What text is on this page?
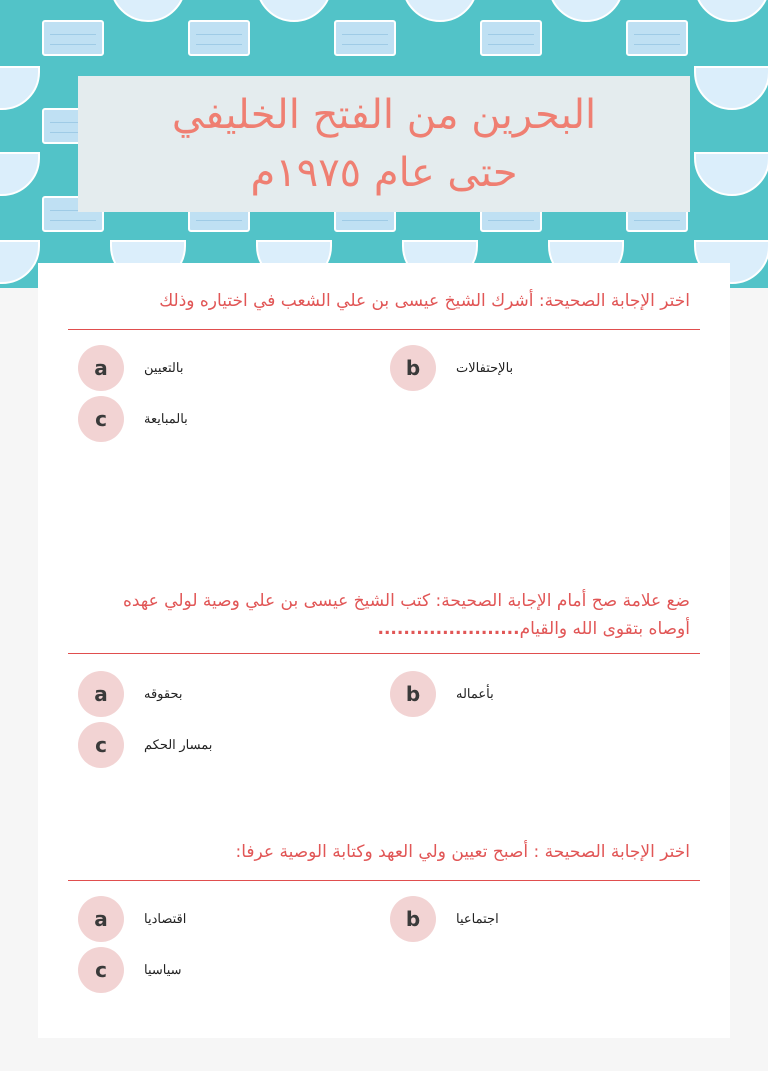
البحرين من الفتح الخليفي
حتى عام ١٩٧٥م
اختر الإجابة الصحيحة: أشرك الشيخ عيسى بن علي الشعب في اختياره وذلك
a	بالتعيين	b	بالإحتفالات
c	بالمبايعة
ضع علامة صح أمام الإجابة الصحيحة: كتب الشيخ عيسى بن علي وصية لولي عهده أوصاه بتقوى الله والقيام......................
a	بحقوقه	b	بأعماله
c	بمسار الحكم
اختر الإجابة الصحيحة : أصبح تعيين ولي العهد وكتابة الوصية عرفا:
a	اقتصاديا	b	اجتماعيا
c	سياسيا
